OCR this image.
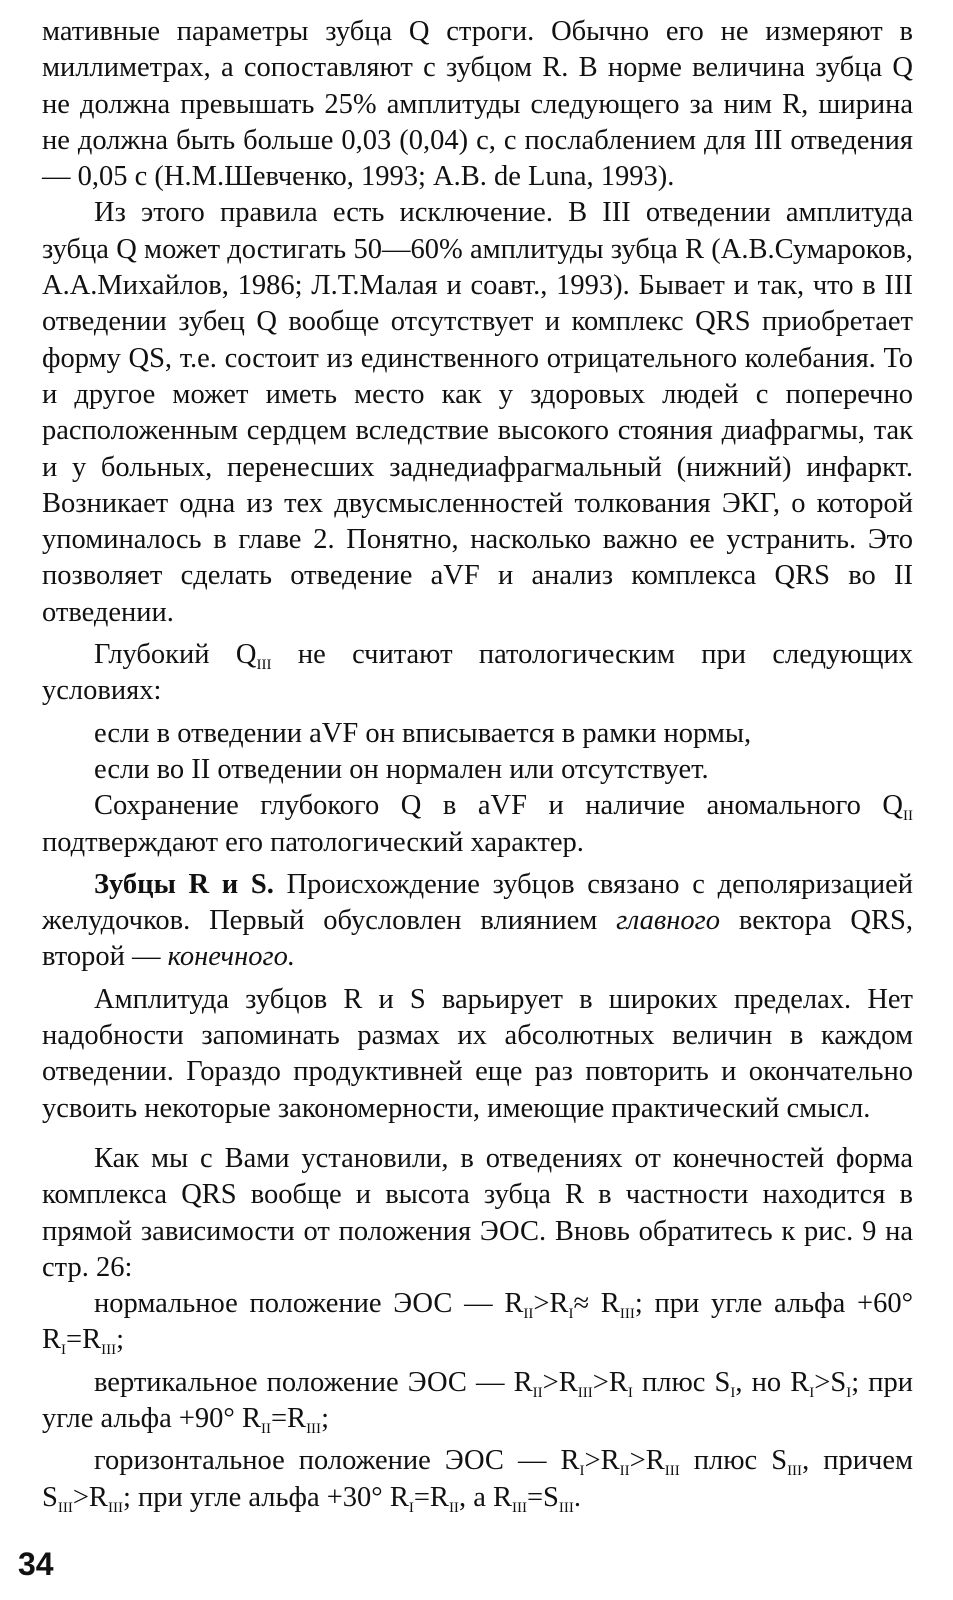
мативные параметры зубца Q строги. Обычно его не измеряют в миллиметрах, а сопоставляют с зубцом R. В норме величина зубца Q не должна превышать 25% амплитуды следующего за ним R, ширина не должна быть больше 0,03 (0,04) с, с послаблением для III отведения — 0,05 с (Н.М.Шевченко, 1993; A.B. de Luna, 1993).

Из этого правила есть исключение. В III отведении амплитуда зубца Q может достигать 50—60% амплитуды зубца R (А.В.Сумароков, А.А.Михайлов, 1986; Л.Т.Малая и соавт., 1993). Бывает и так, что в III отведении зубец Q вообще отсутствует и комплекс QRS приобретает форму QS, т.е. состоит из единственного отрицательного колебания. То и другое может иметь место как у здоровых людей с поперечно расположенным сердцем вследствие высокого стояния диафрагмы, так и у больных, перенесших заднедиафрагмальный (нижний) инфаркт. Возникает одна из тех двусмысленностей толкования ЭКГ, о которой упоминалось в главе 2. Понятно, насколько важно ее устранить. Это позволяет сделать отведение aVF и анализ комплекса QRS во II отведении.

Глубокий $Q_{III}$ не считают патологическим при следующих условиях:

если в отведении aVF он вписывается в рамки нормы,

если во II отведении он нормален или отсутствует.

Сохранение глубокого Q в aVF и наличие аномального $Q_{II}$ подтверждают его патологический характер.

Зубцы R и S. Происхождение зубцов связано с деполяризацией желудочков. Первый обусловлен влиянием главного вектора QRS, второй — конечного.

Амплитуда зубцов R и S варьирует в широких пределах. Нет надобности запоминать размах их абсолютных величин в каждом отведении. Гораздо продуктивней еще раз повторить и окончательно усвоить некоторые закономерности, имеющие практический смысл.

Как мы с Вами установили, в отведениях от конечностей форма комплекса QRS вообще и высота зубца R в частности находится в прямой зависимости от положения ЭОС. Вновь обратитесь к рис. 9 на стр. 26:

нормальное положение ЭОС — $R_{II}>R_I\approx R_{III}$; при угле альфа +60° $R_I=R_{III}$;

вертикальное положение ЭОС — $R_{II}>R_{III}>R_I$ плюс $S_I$, но $R_I>S_I$; при угле альфа +90° $R_{II}=R_{III}$;

горизонтальное положение ЭОС — $R_I>R_{II}>R_{III}$ плюс $S_{III}$, причем $S_{III}>R_{III}$; при угле альфа +30° $R_I=R_{II}$, а $R_{III}=S_{III}$.

34
